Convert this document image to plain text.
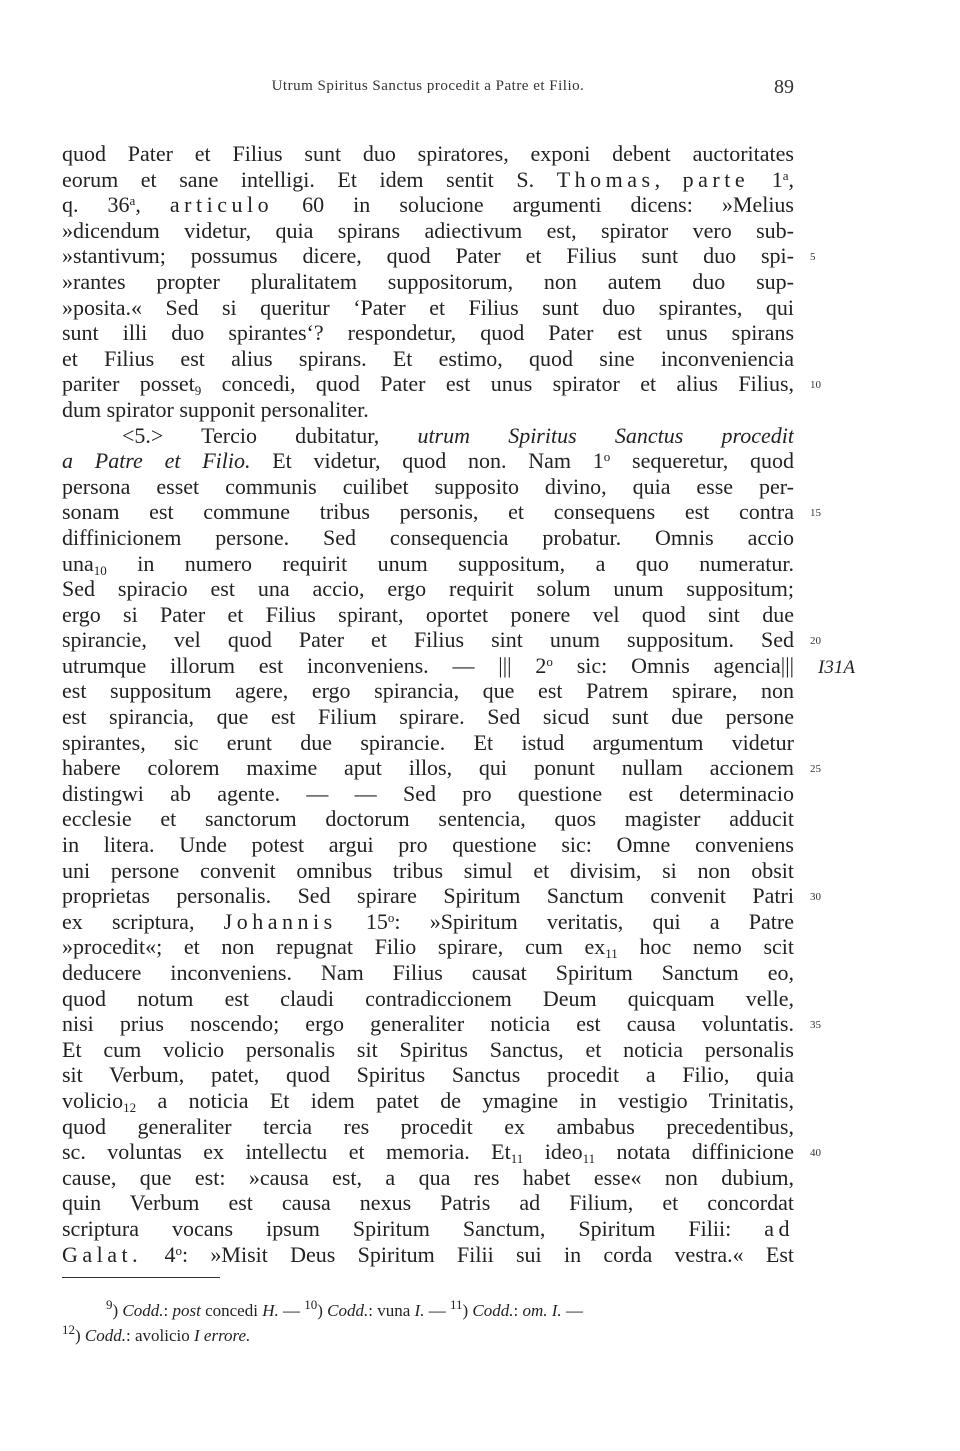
Utrum Spiritus Sanctus procedit a Patre et Filio.	89
quod Pater et Filius sunt duo spiratores, exponi debent auctoritates
eorum et sane intelligi. Et idem sentit S. Thomas, parte 1$^a$,
q. 36$^a$, articulo 60 in solucione argumenti dicens: »Melius
»dicendum videtur, quia spirans adiectivum est, spirator vero sub-
»stantivum; possumus dicere, quod Pater et Filius sunt duo spi-
»rantes propter pluralitatem suppositorum, non autem duo sup-
»posita.« Sed si queritur ‘Pater et Filius sunt duo spirantes, qui
sunt illi duo spirantes‘? respondetur, quod Pater est unus spirans
et Filius est alius spirans. Et estimo, quod sine inconveniencia
pariter posset$_9$ concedi, quod Pater est unus spirator et alius Filius,
dum spirator supponit personaliter.
<5.> Tercio dubitatur, utrum Spiritus Sanctus procedit
a Patre et Filio. Et videtur, quod non. Nam 1$^o$ sequeretur, quod
persona esset communis cuilibet supposito divino, quia esse per-
sonam est commune tribus personis, et consequens est contra
diffinicionem persone. Sed consequencia probatur. Omnis accio
una$_{10}$ in numero requirit unum suppositum, a quo numeratur.
Sed spiracio est una accio, ergo requirit solum unum suppositum;
ergo si Pater et Filius spirant, oportet ponere vel quod sint due
spirancie, vel quod Pater et Filius sint unum suppositum. Sed
utrumque illorum est inconveniens. — ||| 2$^o$ sic: Omnis agencia|||
est suppositum agere, ergo spirancia, que est Patrem spirare, non
est spirancia, que est Filium spirare. Sed sicud sunt due persone
spirantes, sic erunt due spirancie. Et istud argumentum videtur
habere colorem maxime aput illos, qui ponunt nullam accionem
distingwi ab agente. — — Sed pro questione est determinacio
ecclesie et sanctorum doctorum sentencia, quos magister adducit
in litera. Unde potest argui pro questione sic: Omne conveniens
uni persone convenit omnibus tribus simul et divisim, si non obsit
proprietas personalis. Sed spirare Spiritum Sanctum convenit Patri
ex scriptura, Johannis 15$^o$: »Spiritum veritatis, qui a Patre
»procedit«; et non repugnat Filio spirare, cum $ex_{11}$ hoc nemo scit
deducere inconveniens. Nam Filius causat Spiritum Sanctum eo,
quod notum est claudi contradiccionem Deum quicquam velle,
nisi prius noscendo; ergo generaliter noticia est causa voluntatis.
Et cum volicio personalis sit Spiritus Sanctus, et noticia personalis
sit Verbum, patet, quod Spiritus Sanctus procedit a Filio, quia
volicio$_{12}$ a noticia Et idem patet de ymagine in vestigio Trinitatis,
quod generaliter tercia res procedit ex ambabus precedentibus,
sc. voluntas ex intellectu et memoria. $Et_{11}$ ideo$_{11}$ notata diffinicione
cause, que est: »causa est, a qua res habet esse« non dubium,
quin Verbum est causa nexus Patris ad Filium, et concordat
scriptura vocans ipsum Spiritum Sanctum, Spiritum Filii: ad
Galat. 4$^o$: »Misit Deus Spiritum Filii sui in corda vestra.« Est
5
10
15
20
25
30
35
40
I31A
$^9$) Codd.: post concedi H. — $^{10}$) Codd.: vuna I. — $^{11}$) Codd.: om. I. —
$^{12}$) Codd.: avolicio I errore.
